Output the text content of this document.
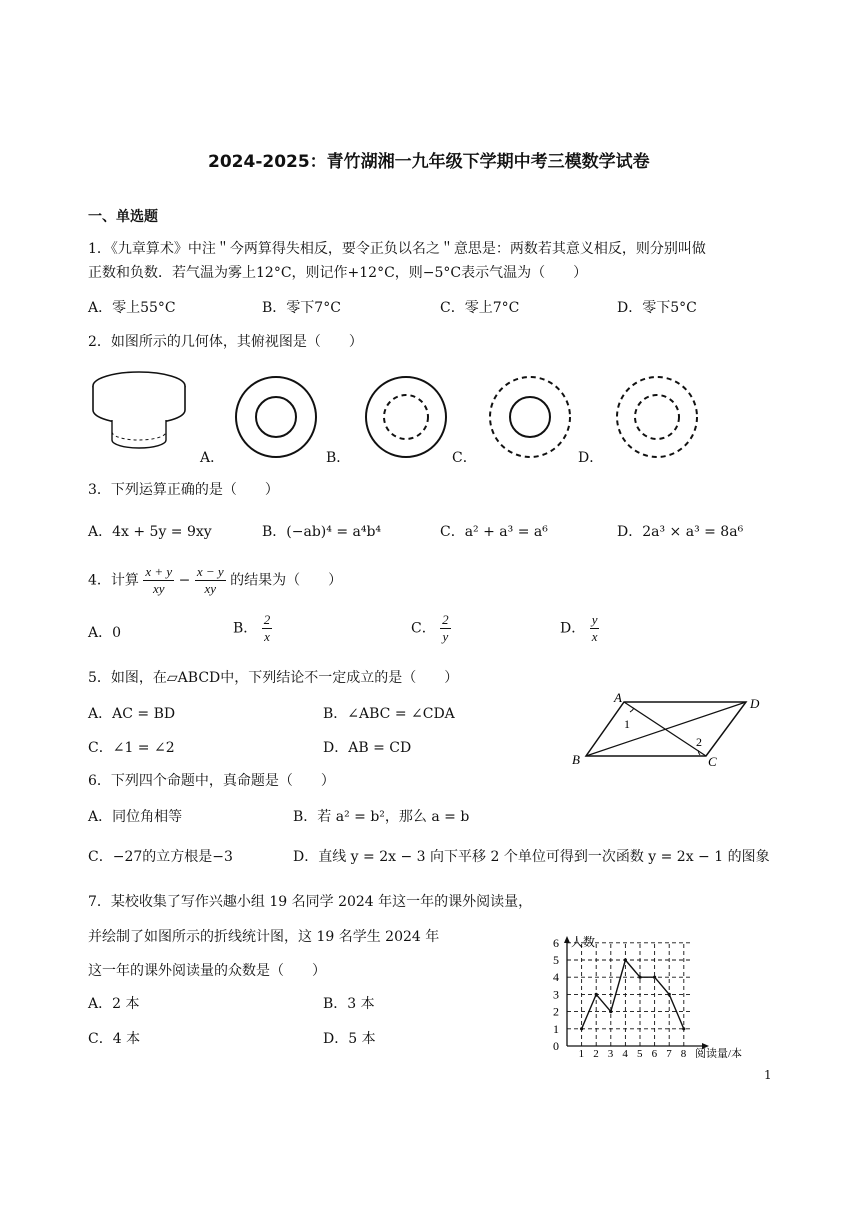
2024-2025：青竹湖湘一九年级下学期中考三模数学试卷
一、单选题
1．《九章算术》中注＂今两算得失相反，要令正负以名之＂意思是：两数若其意义相反，则分别叫做
正数和负数．若气温为雾上12°C，则记作+12°C，则−5°C表示气温为（　　）
A．零上55°C	B．零下7°C	C．零上7°C	D．零下5°C
2．如图所示的几何体，其俯视图是（　　）
A．	B．	C．	D．
3．下列运算正确的是（　　）
A．4x + 5y = 9xy	B．(−ab)⁴ = a⁴b⁴	C．a² + a³ = a⁶	D．2a³ × a³ = 8a⁶
4．计算 $\frac{x + y}{xy} - \frac{x - y}{xy}$ 的结果为（　　）
A．0	B． $\frac{2}{x}$	C． $\frac{2}{y}$	D． $\frac{y}{x}$
5．如图，在▱ABCD中，下列结论不一定成立的是（　　）
A．AC = BD	B．∠ABC = ∠CDA
C．∠1 = ∠2	D．AB = CD
A	D
B	C
1
2
6．下列四个命题中，真命题是（　　）
A．同位角相等	B．若 a² = b²，那么 a = b
C．−27的立方根是−3	D．直线 y = 2x − 3 向下平移 2 个单位可得到一次函数 y = 2x − 1 的图象
7．某校收集了写作兴趣小组 19 名同学 2024 年这一年的课外阅读量，
并绘制了如图所示的折线统计图，这 19 名学生 2024 年
这一年的课外阅读量的众数是（　　）
A．2 本	B．3 本
C．4 本	D．5 本
人数
阅读量/本
0
1
2
3
4
5
6
1 2 3 4 5 6 7 8
1
